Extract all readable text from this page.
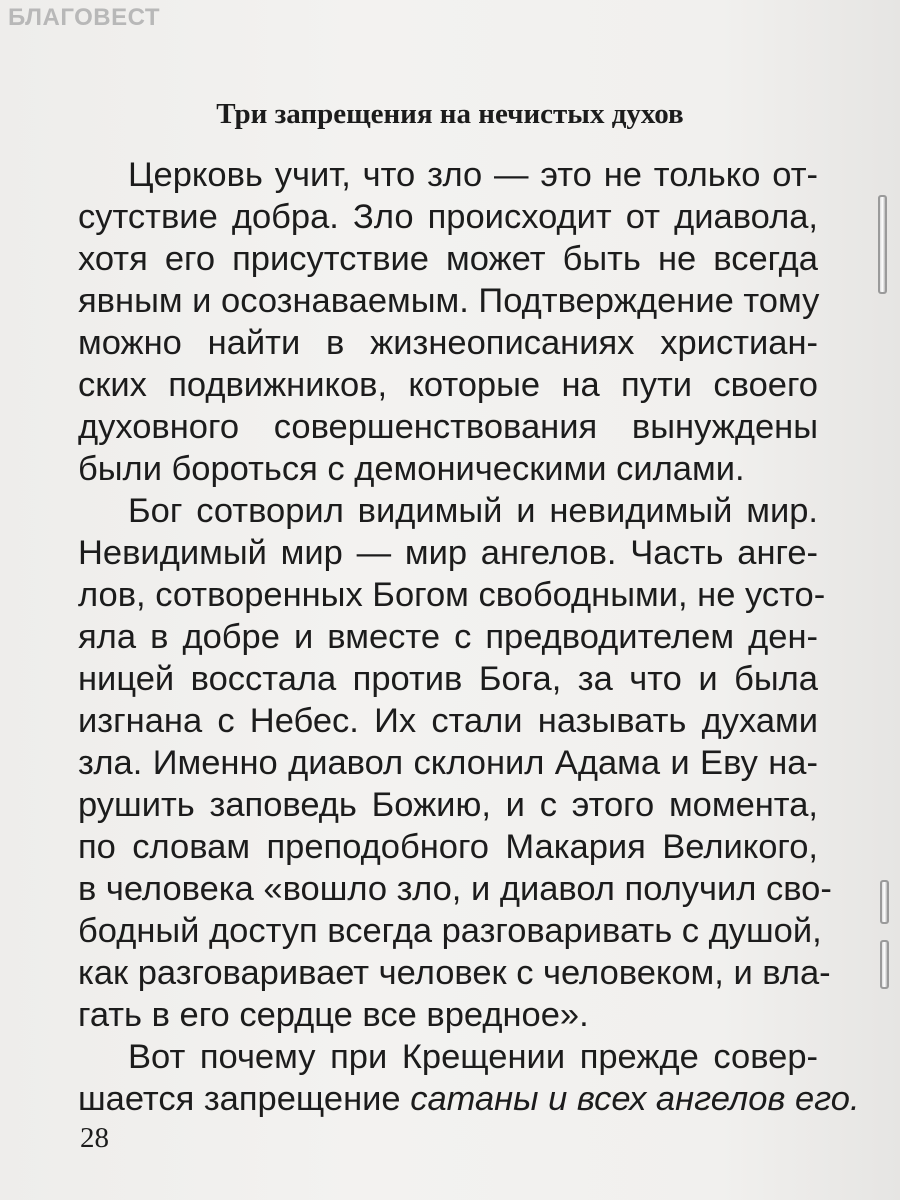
БЛАГОВЕСТ
Три запрещения на нечистых духов
Церковь учит, что зло — это не только от-
сутствие добра. Зло происходит от диавола,
хотя его присутствие может быть не всегда
явным и осознаваемым. Подтверждение тому
можно найти в жизнеописаниях христиан-
ских подвижников, которые на пути своего
духовного совершенствования вынуждены
были бороться с демоническими силами.
Бог сотворил видимый и невидимый мир.
Невидимый мир — мир ангелов. Часть анге-
лов, сотворенных Богом свободными, не усто-
яла в добре и вместе с предводителем ден-
ницей восстала против Бога, за что и была
изгнана с Небес. Их стали называть духами
зла. Именно диавол склонил Адама и Еву на-
рушить заповедь Божию, и с этого момента,
по словам преподобного Макария Великого,
в человека «вошло зло, и диавол получил сво-
бодный доступ всегда разговаривать с душой,
как разговаривает человек с человеком, и вла-
гать в его сердце все вредное».
Вот почему при Крещении прежде совер-
шается запрещение сатаны и всех ангелов его.
28
